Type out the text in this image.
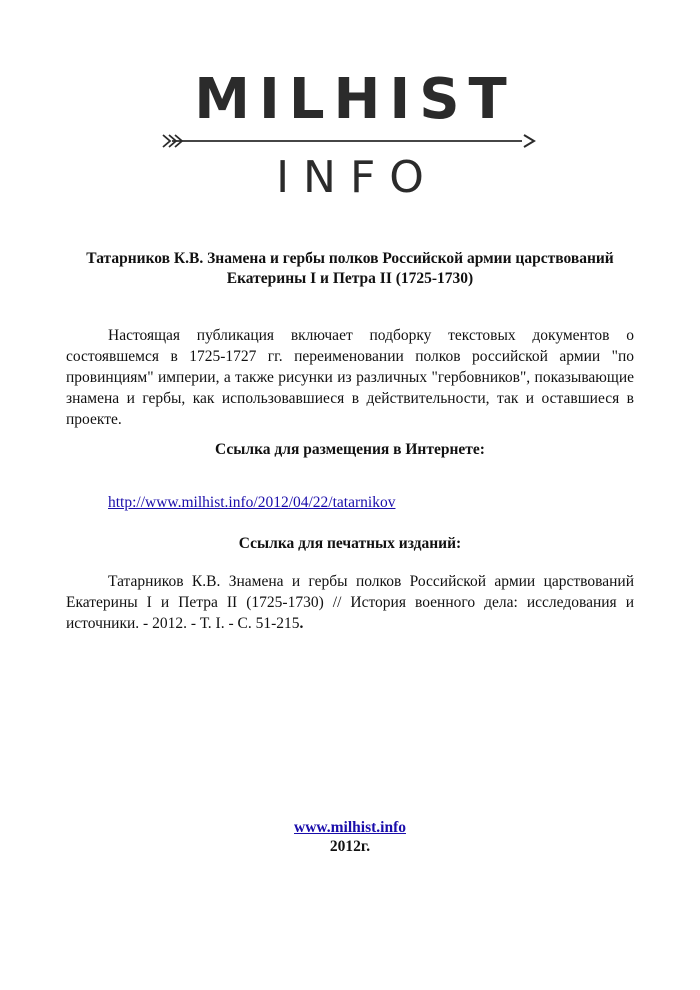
MILHIST
INFO
Татарников К.В. Знамена и гербы полков Российской армии царствований
Екатерины I и Петра II (1725-1730)

Настоящая публикация включает подборку текстовых документов о состоявшемся в 1725-1727 гг. переименовании полков российской армии "по провинциям" империи, а также рисунки из различных "гербовников", показывающие знамена и гербы, как использовавшиеся в действительности, так и оставшиеся в проекте.

Ссылка для размещения в Интернете:
http://www.milhist.info/2012/04/22/tatarnikov
Ссылка для печатных изданий:

Татарников К.В. Знамена и гербы полков Российской армии царствований Екатерины I и Петра II (1725-1730) // История военного дела: исследования и источники. - 2012. - Т. I. - С. 51-215.

www.milhist.info
2012г.
